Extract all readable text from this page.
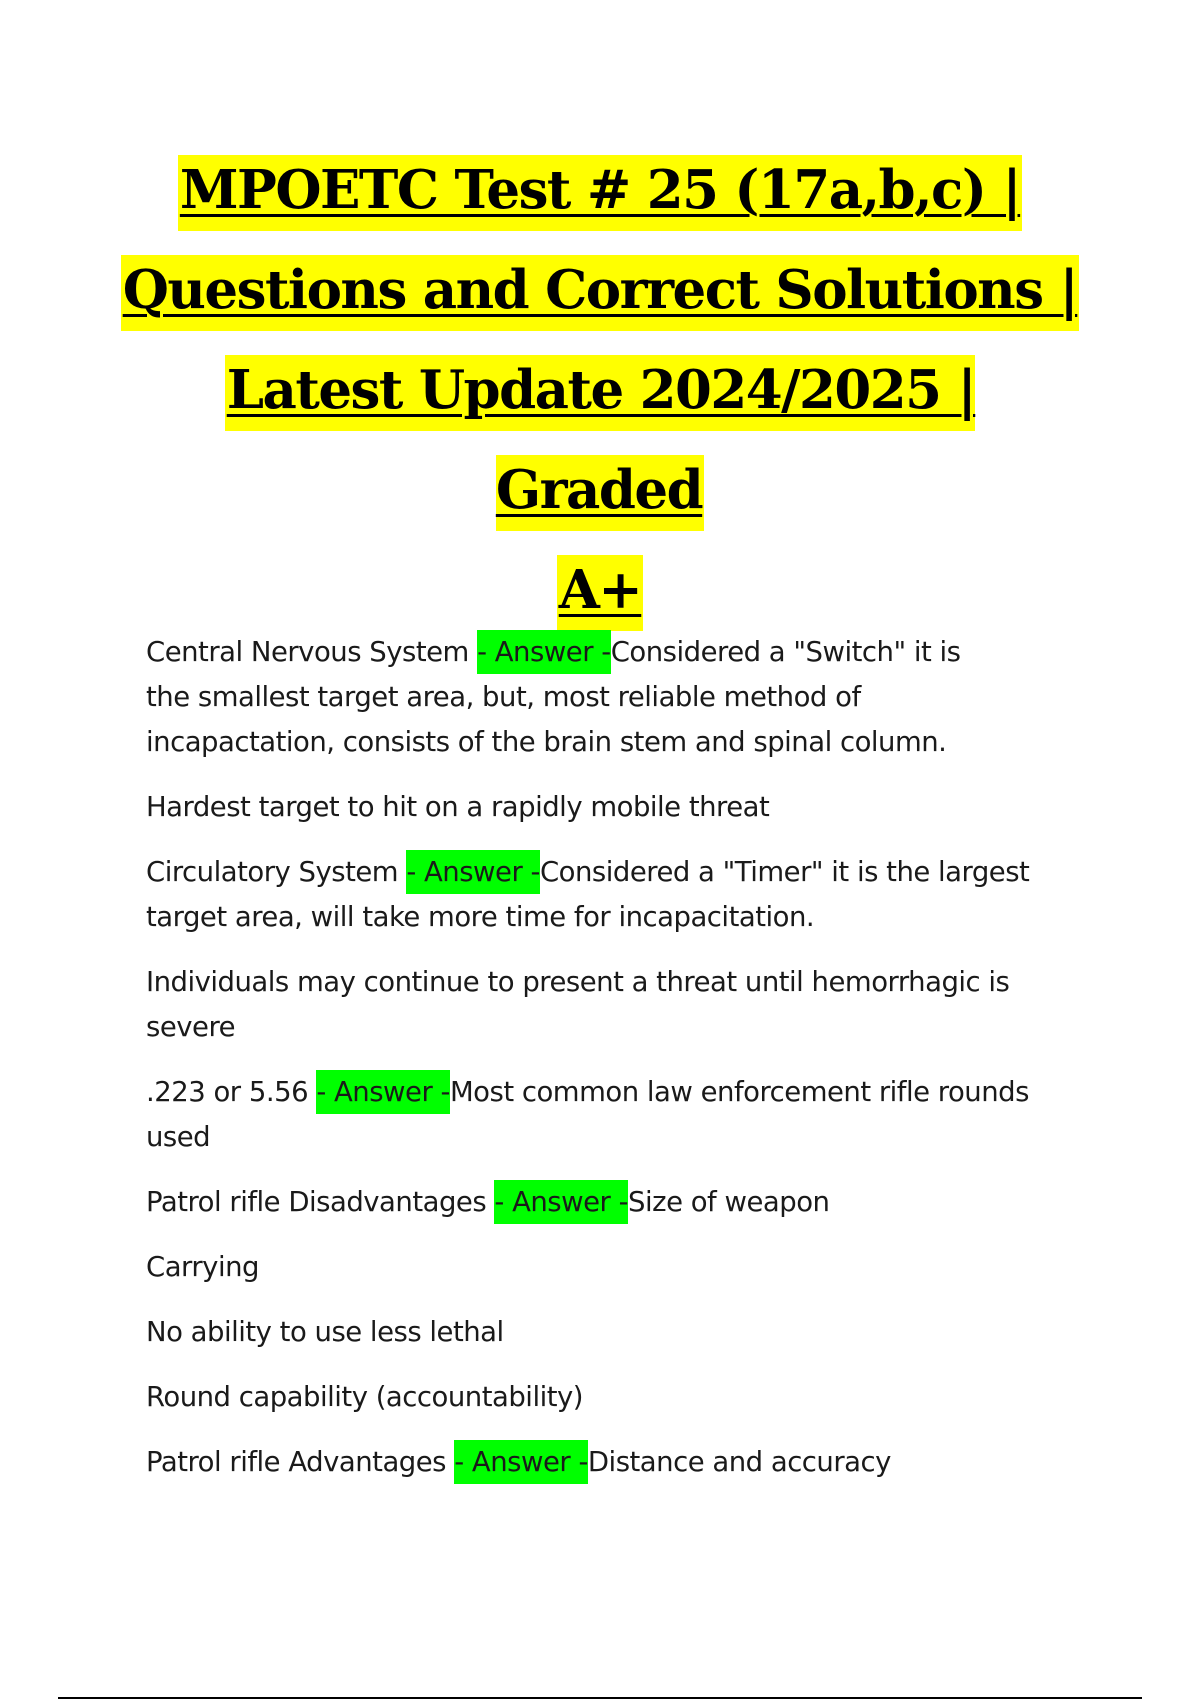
MPOETC Test # 25 (17a,b,c) |
Questions and Correct Solutions |
Latest Update 2024/2025 | Graded
A+

Central Nervous System - Answer -Considered a "Switch" it is the smallest target area, but, most reliable method of incapactation, consists of the brain stem and spinal column.

Hardest target to hit on a rapidly mobile threat

Circulatory System - Answer -Considered a "Timer" it is the largest target area, will take more time for incapacitation.

Individuals may continue to present a threat until hemorrhagic is severe

.223 or 5.56 - Answer -Most common law enforcement rifle rounds used

Patrol rifle Disadvantages - Answer -Size of weapon

Carrying

No ability to use less lethal

Round capability (accountability)

Patrol rifle Advantages - Answer -Distance and accuracy
